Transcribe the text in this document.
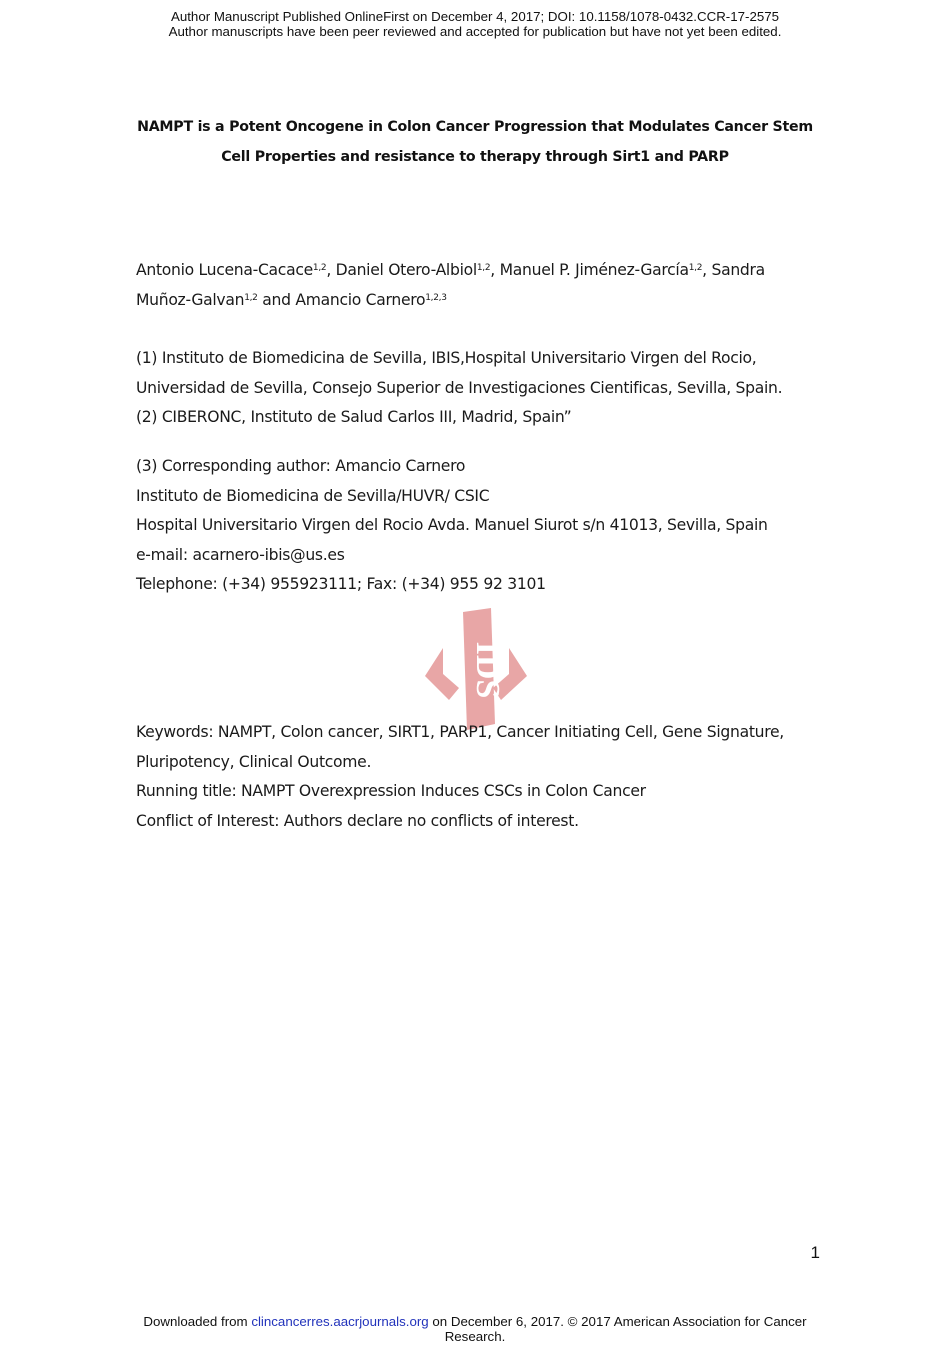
Author Manuscript Published OnlineFirst on December 4, 2017; DOI: 10.1158/1078-0432.CCR-17-2575
Author manuscripts have been peer reviewed and accepted for publication but have not yet been edited.
NAMPT is a Potent Oncogene in Colon Cancer Progression that Modulates Cancer Stem
Cell Properties and resistance to therapy through Sirt1 and PARP
Antonio Lucena-Cacace$^{1,2}$, Daniel Otero-Albiol$^{1,2}$, Manuel P. Jiménez-García$^{1,2}$, Sandra
Muñoz-Galvan$^{1,2}$ and Amancio Carnero$^{1,2,3}$
(1) Instituto de Biomedicina de Sevilla, IBIS,Hospital Universitario Virgen del Rocio,
Universidad de Sevilla, Consejo Superior de Investigaciones Cientificas, Sevilla, Spain.
(2) CIBERONC, Instituto de Salud Carlos III, Madrid, Spain”
(3) Corresponding author: Amancio Carnero
Instituto de Biomedicina de Sevilla/HUVR/ CSIC
Hospital Universitario Virgen del Rocio Avda. Manuel Siurot s/n 41013, Sevilla, Spain
e-mail: acarnero-ibis@us.es
Telephone: (+34) 955923111; Fax: (+34) 955 92 3101
IDS
Keywords: NAMPT, Colon cancer, SIRT1, PARP1, Cancer Initiating Cell, Gene Signature,
Pluripotency, Clinical Outcome.
Running title: NAMPT Overexpression Induces CSCs in Colon Cancer
Conflict of Interest: Authors declare no conflicts of interest.
1
Downloaded from clincancerres.aacrjournals.org on December 6, 2017. © 2017 American Association for Cancer
Research.
